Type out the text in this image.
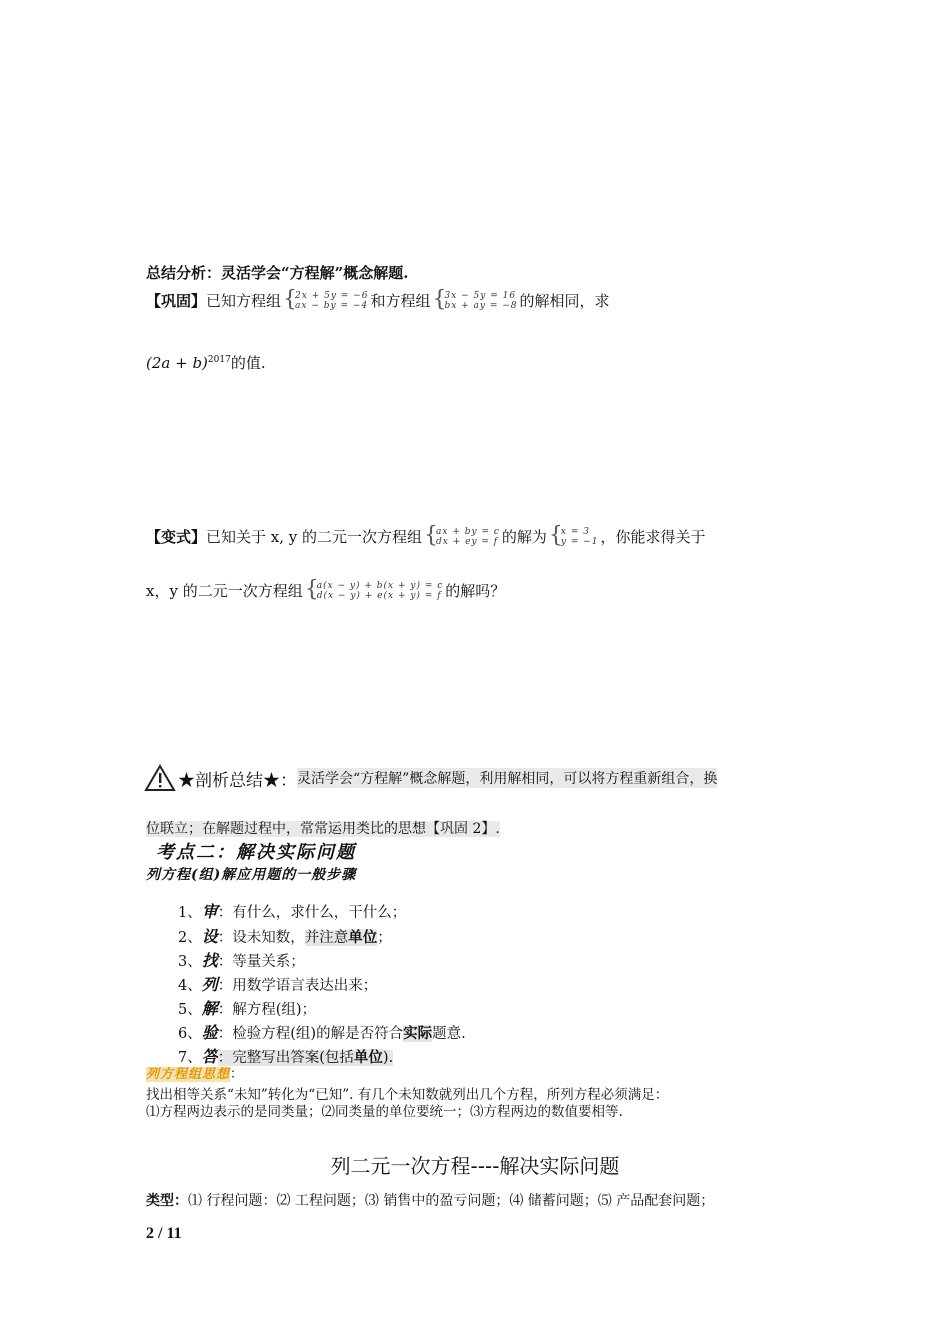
总结分析：灵活学会“方程解”概念解题.
【巩固】 已知方程组 { 2x + 5y = −6
ax − by = −4 和方程组 { 3x − 5y = 16
bx + ay = −8 的解相同，求
$(2a + b)^{2017}$的值.
【变式】 已知关于 x, y 的二元一次方程组 { ax + by = c
dx + ey = f 的解为 { x = 3
y = −1 ，你能求得关于
x，y 的二元一次方程组 { a(x − y) + b(x + y) = c
d(x − y) + e(x + y) = f 的解吗？
★剖析总结★： 灵活学会“方程解”概念解题，利用解相同，可以将方程重新组合，换
位联立；在解题过程中，常常运用类比的思想【巩固 2】.
考点二：解决实际问题
列方程(组)解应用题的一般步骤
1、审：有什么，求什么，干什么；
2、设：设未知数，并注意单位；
3、找：等量关系；
4、列：用数学语言表达出来；
5、解：解方程(组)；
6、验：检验方程(组)的解是否符合实际题意.
7、答：完整写出答案(包括单位).
列方程组思想：
找出相等关系“未知”转化为“已知”. 有几个未知数就列出几个方程，所列方程必须满足：
⑴方程两边表示的是同类量；⑵同类量的单位要统一；⑶方程两边的数值要相等.
列二元一次方程----解决实际问题
类型：⑴ 行程问题：⑵ 工程问题；⑶ 销售中的盈亏问题；⑷ 储蓄问题；⑸ 产品配套问题；
2 / 11
